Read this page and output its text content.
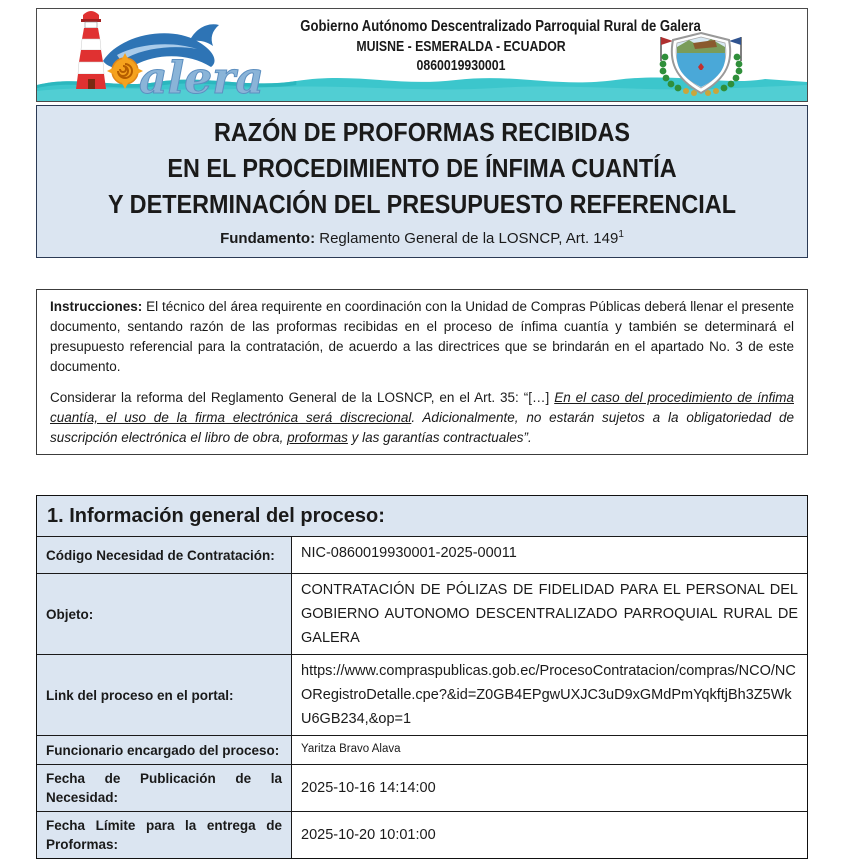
alera
Gobierno Autónomo Descentralizado Parroquial Rural de Galera
MUISNE - ESMERALDA - ECUADOR
0860019930001
RAZÓN DE PROFORMAS RECIBIDAS
EN EL PROCEDIMIENTO DE ÍNFIMA CUANTÍA
Y DETERMINACIÓN DEL PRESUPUESTO REFERENCIAL
Fundamento: Reglamento General de la LOSNCP, Art. $149^1$

Instrucciones: El técnico del área requirente en coordinación con la Unidad de Compras Públicas deberá llenar el presente documento, sentando razón de las proformas recibidas en el proceso de ínfima cuantía y también se determinará el presupuesto referencial para la contratación, de acuerdo a las directrices que se brindarán en el apartado No. 3 de este documento.

Considerar la reforma del Reglamento General de la LOSNCP, en el Art. 35: “[…] En el caso del procedimiento de ínfima cuantía, el uso de la firma electrónica será discrecional. Adicionalmente, no estarán sujetos a la obligatoriedad de suscripción electrónica el libro de obra, proformas y las garantías contractuales”.

1. Información general del proceso:
Código Necesidad de Contratación:	NIC-0860019930001-2025-00011
Objeto:
CONTRATACIÓN DE PÓLIZAS DE FIDELIDAD PARA EL PERSONAL DEL GOBIERNO AUTONOMO DESCENTRALIZADO PARROQUIAL RURAL DE GALERA
Link del proceso en el portal:
https://www.compraspublicas.gob.ec/ProcesoContratacion/compras/NCO/NCORegistroDetalle.cpe?&id=Z0GB4EPgwUXJC3uD9xGMdPmYqkftjBh3Z5WkU6GB234,&op=1
Funcionario encargado del proceso: Yaritza Bravo Alava
Fecha de Publicación de la Necesidad:
2025-10-16 14:14:00
Fecha Límite para la entrega de Proformas:
2025-10-20 10:01:00
